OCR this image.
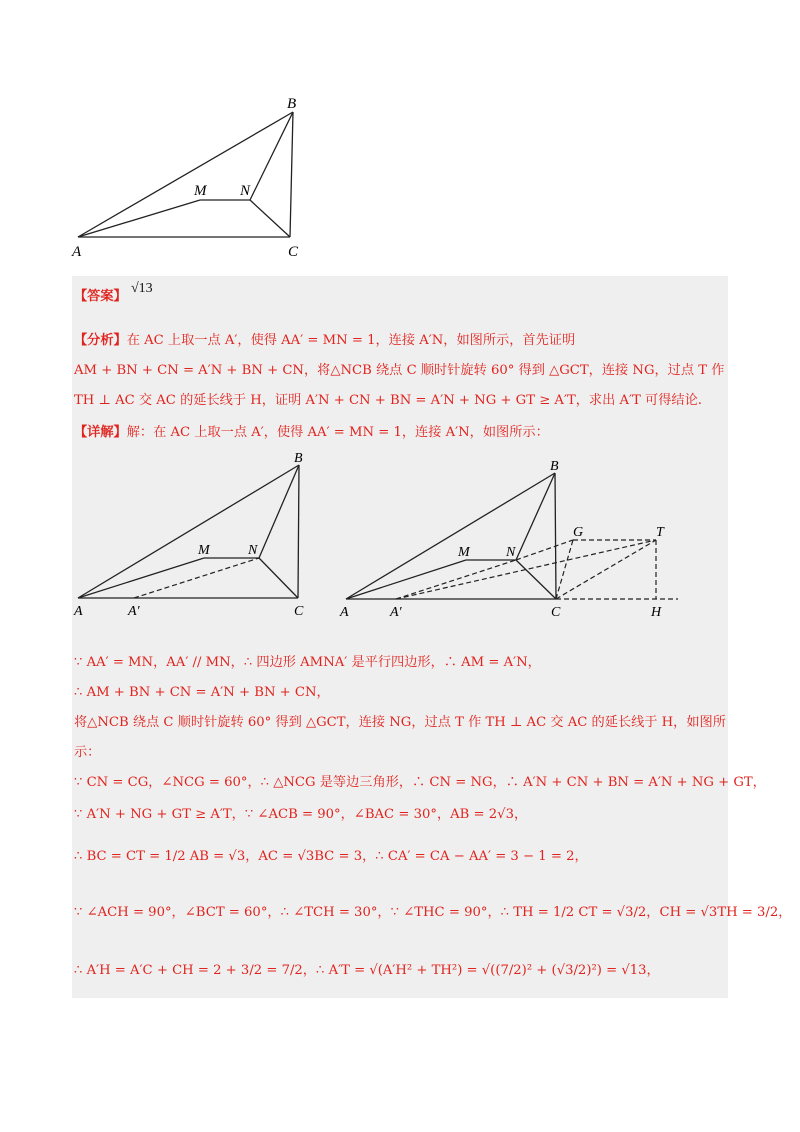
A
B
C
M N
【答案】 √13
【分析】在 AC 上取一点 A′，使得 AA′ = MN = 1，连接 A′N，如图所示，首先证明
AM + BN + CN = A′N + BN + CN，将△NCB 绕点 C 顺时针旋转 60° 得到 △GCT，连接 NG，过点 T 作
TH ⊥ AC 交 AC 的延长线于 H，证明 A′N + CN + BN = A′N + NG + GT ≥ A′T，求出 A′T 可得结论.
【详解】解：在 AC 上取一点 A′，使得 AA′ = MN = 1，连接 A′N，如图所示：
A	A′
B
C
M	N
A	A′
B
C
M	N
G	T
H
∵ AA′ = MN，AA′ // MN，∴ 四边形 AMNA′ 是平行四边形，∴ AM = A′N，
∴ AM + BN + CN = A′N + BN + CN，
将△NCB 绕点 C 顺时针旋转 60° 得到 △GCT，连接 NG，过点 T 作 TH ⊥ AC 交 AC 的延长线于 H，如图所
示：
∵ CN = CG，∠NCG = 60°，∴ △NCG 是等边三角形，∴ CN = NG，∴ A′N + CN + BN = A′N + NG + GT，
∵ A′N + NG + GT ≥ A′T，∵ ∠ACB = 90°，∠BAC = 30°，AB = 2√3，
∴ BC = CT = 1/2 AB = √3，AC = √3BC = 3，∴ CA′ = CA − AA′ = 3 − 1 = 2，
∵ ∠ACH = 90°，∠BCT = 60°，∴ ∠TCH = 30°，∵ ∠THC = 90°，∴ TH = 1/2 CT = √3/2，CH = √3TH = 3/2，
∴ A′H = A′C + CH = 2 + 3/2 = 7/2，∴ A′T = √(A′H² + TH²) = √((7/2)² + (√3/2)²) = √13，
